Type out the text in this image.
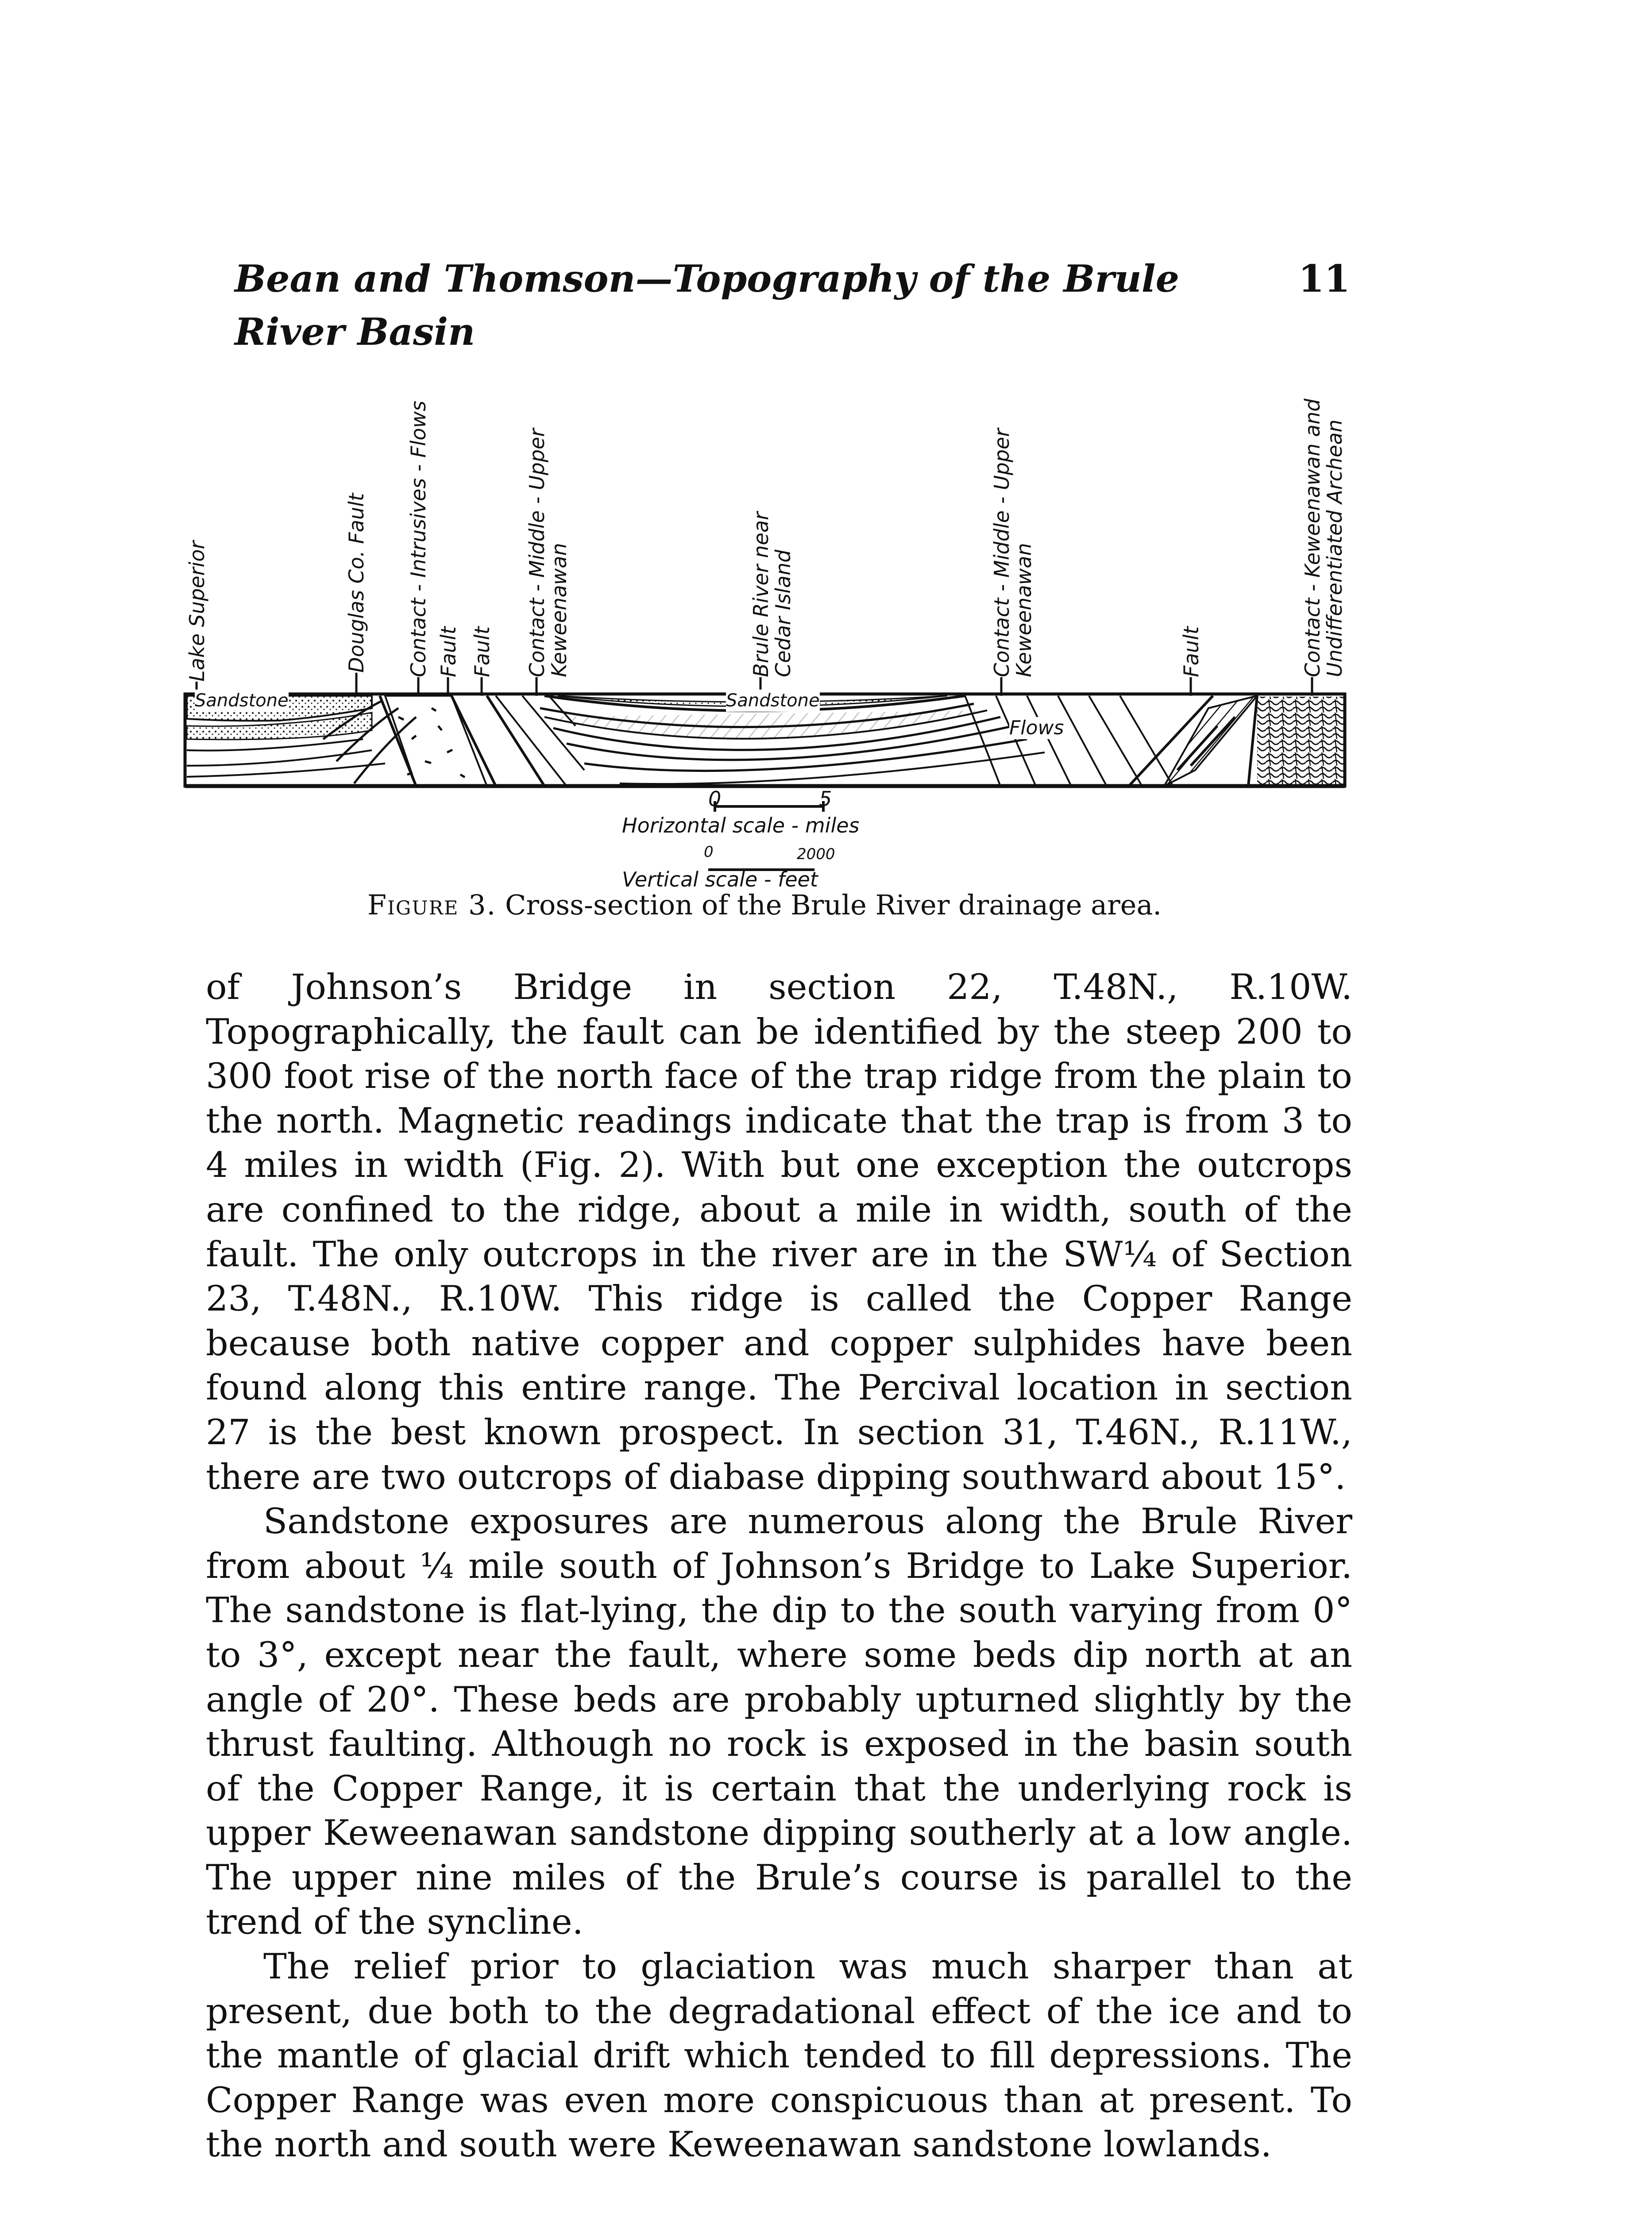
Bean and Thomson—Topography of the Brule River Basin
11
Lake Superior	Douglas Co. Fault Contact - Intrusives - Flows Fault Fault Contact - Middle - Upper Keweenawan	Brule River near Cedar Island	Contact - Middle - Upper Keweenawan	Fault	Contact - Keweenawan and Undifferentiated Archean
Sandstone	Sandstone
Flows
0	5
Horizontal scale - miles
0	2000
Vertical scale - feet
Figure 3. Cross-section of the Brule River drainage area.

of Johnson’s Bridge in section 22, T.48N., R.10W. Topographically, the fault can be identified by the steep 200 to 300 foot rise of the north face of the trap ridge from the plain to the north. Magnetic readings indicate that the trap is from 3 to 4 miles in width (Fig. 2). With but one exception the outcrops are confined to the ridge, about a mile in width, south of the fault. The only outcrops in the river are in the SW¼ of Section 23, T.48N., R.10W. This ridge is called the Copper Range because both native copper and copper sulphides have been found along this entire range. The Percival location in section 27 is the best known prospect. In section 31, T.46N., R.11W., there are two outcrops of diabase dipping southward about 15°.

Sandstone exposures are numerous along the Brule River from about ¼ mile south of Johnson’s Bridge to Lake Superior. The sandstone is flat-lying, the dip to the south varying from 0° to 3°, except near the fault, where some beds dip north at an angle of 20°. These beds are probably upturned slightly by the thrust faulting. Although no rock is exposed in the basin south of the Copper Range, it is certain that the underlying rock is upper Keweenawan sandstone dipping southerly at a low angle. The upper nine miles of the Brule’s course is parallel to the trend of the syncline.

The relief prior to glaciation was much sharper than at present, due both to the degradational effect of the ice and to the mantle of glacial drift which tended to fill depressions. The Copper Range was even more conspicuous than at present. To the north and south were Keweenawan sandstone lowlands.
